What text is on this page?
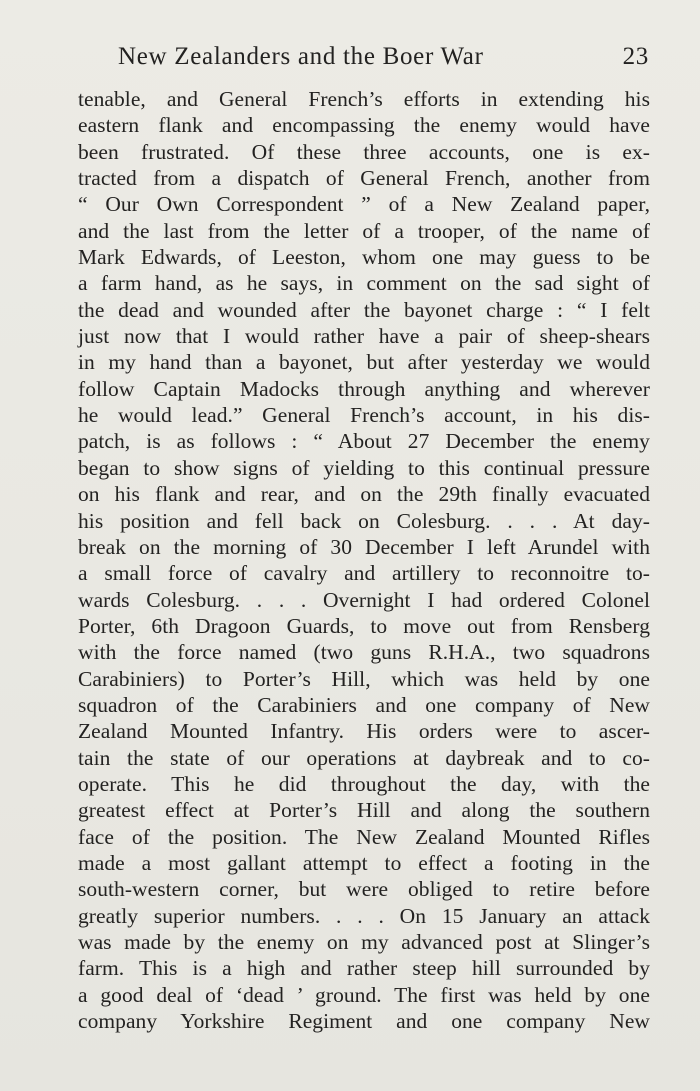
New Zealanders and the Boer War	23
tenable, and General French’s efforts in extending his
eastern flank and encompassing the enemy would have
been frustrated. Of these three accounts, one is ex-
tracted from a dispatch of General French, another from
“ Our Own Correspondent ” of a New Zealand paper,
and the last from the letter of a trooper, of the name of
Mark Edwards, of Leeston, whom one may guess to be
a farm hand, as he says, in comment on the sad sight of
the dead and wounded after the bayonet charge : “ I felt
just now that I would rather have a pair of sheep-shears
in my hand than a bayonet, but after yesterday we would
follow Captain Madocks through anything and wherever
he would lead.” General French’s account, in his dis-
patch, is as follows : “ About 27 December the enemy
began to show signs of yielding to this continual pressure
on his flank and rear, and on the 29th finally evacuated
his position and fell back on Colesburg. . . . At day-
break on the morning of 30 December I left Arundel with
a small force of cavalry and artillery to reconnoitre to-
wards Colesburg. . . . Overnight I had ordered Colonel
Porter, 6th Dragoon Guards, to move out from Rensberg
with the force named (two guns R.H.A., two squadrons
Carabiniers) to Porter’s Hill, which was held by one
squadron of the Carabiniers and one company of New
Zealand Mounted Infantry. His orders were to ascer-
tain the state of our operations at daybreak and to co-
operate. This he did throughout the day, with the
greatest effect at Porter’s Hill and along the southern
face of the position. The New Zealand Mounted Rifles
made a most gallant attempt to effect a footing in the
south-western corner, but were obliged to retire before
greatly superior numbers. . . . On 15 January an attack
was made by the enemy on my advanced post at Slinger’s
farm. This is a high and rather steep hill surrounded by
a good deal of ‘dead ’ ground. The first was held by one
company Yorkshire Regiment and one company New
